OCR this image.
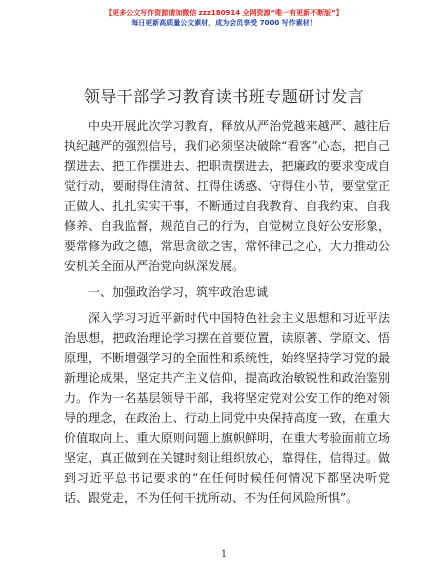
【更多公文写作资源请加微信 zzz180914 全网资源“唯一有更新不断版”】
每日更新高质量公文素材，成为会员享受 7000 写作素材！
领导干部学习教育读书班专题研讨发言

中央开展此次学习教育，释放从严治党越来越严、越往后执纪越严的强烈信号，我们必须坚决破除“看客”心态，把自己摆进去、把工作摆进去、把职责摆进去，把廉政的要求变成自觉行动，要耐得住清贫、扛得住诱惑、守得住小节，要堂堂正正做人、扎扎实实干事，不断通过自我教育、自我约束、自我修养、自我监督，规范自己的行为，自觉树立良好公安形象，要常修为政之德，常思贪欲之害，常怀律己之心，大力推动公安机关全面从严治党向纵深发展。

一、加强政治学习，筑牢政治忠诚

深入学习习近平新时代中国特色社会主义思想和习近平法治思想，把政治理论学习摆在首要位置，读原著、学原文、悟原理，不断增强学习的全面性和系统性，始终坚持学习党的最新理论成果，坚定共产主义信仰，提高政治敏锐性和政治鉴别力。作为一名基层领导干部，我将坚定党对公安工作的绝对领导的理念，在政治上、行动上同党中央保持高度一致，在重大价值取向上、重大原则问题上旗帜鲜明，在重大考验面前立场坚定，真正做到在关键时刻让组织放心，靠得住，信得过。做到习近平总书记要求的“在任何时候任何情况下都坚决听党话、跟党走，不为任何干扰所动、不为任何风险所惧”。

1
